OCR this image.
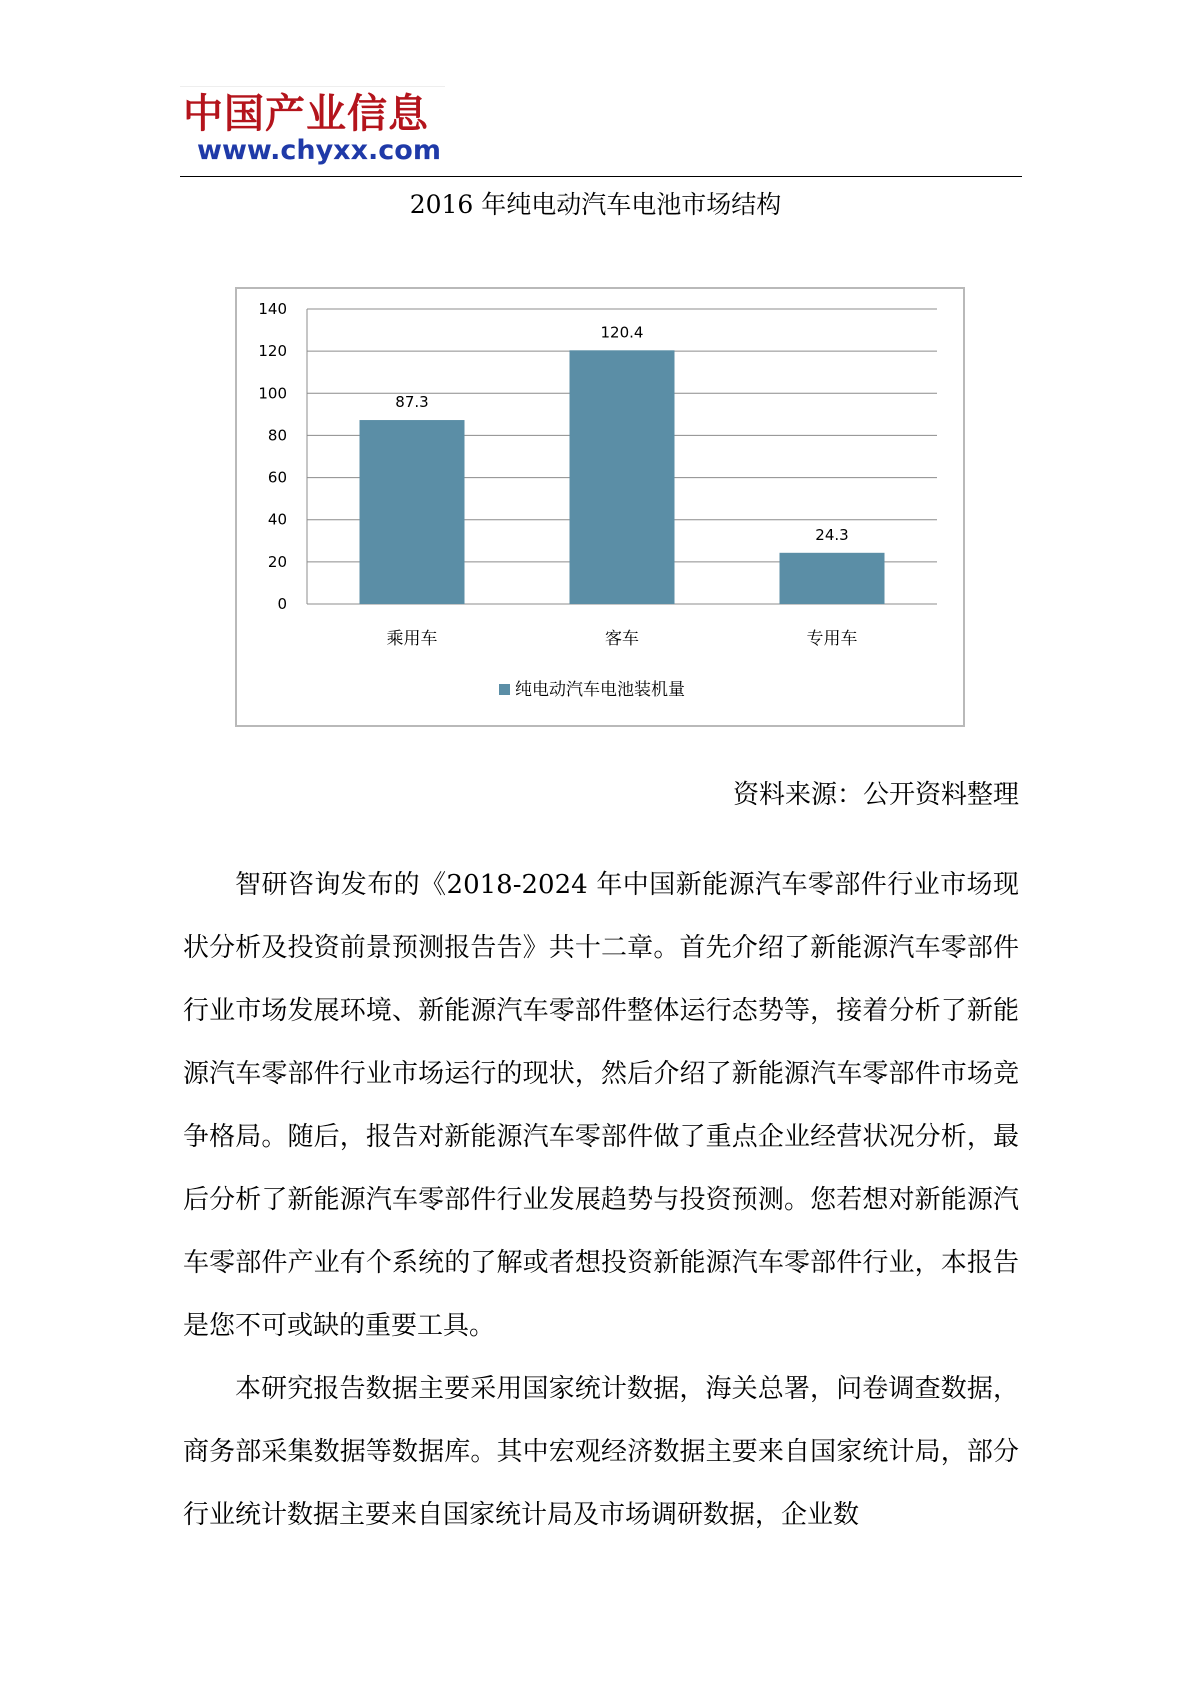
中国产业信息
www.chyxx.com
2016 年纯电动汽车电池市场结构
0
20
40
60
80
100
120
140
87.3
乘用车
120.4
客车
24.3
专用车
纯电动汽车电池装机量
资料来源：公开资料整理

智研咨询发布的《2018-2024 年中国新能源汽车零部件行业市场现状分析及投资前景预测报告告》共十二章。首先介绍了新能源汽车零部件行业市场发展环境、新能源汽车零部件整体运行态势等，接着分析了新能源汽车零部件行业市场运行的现状，然后介绍了新能源汽车零部件市场竞争格局。随后，报告对新能源汽车零部件做了重点企业经营状况分析，最后分析了新能源汽车零部件行业发展趋势与投资预测。您若想对新能源汽车零部件产业有个系统的了解或者想投资新能源汽车零部件行业，本报告是您不可或缺的重要工具。

本研究报告数据主要采用国家统计数据，海关总署，问卷调查数据，商务部采集数据等数据库。其中宏观经济数据主要来自国家统计局，部分行业统计数据主要来自国家统计局及市场调研数据，企业数
